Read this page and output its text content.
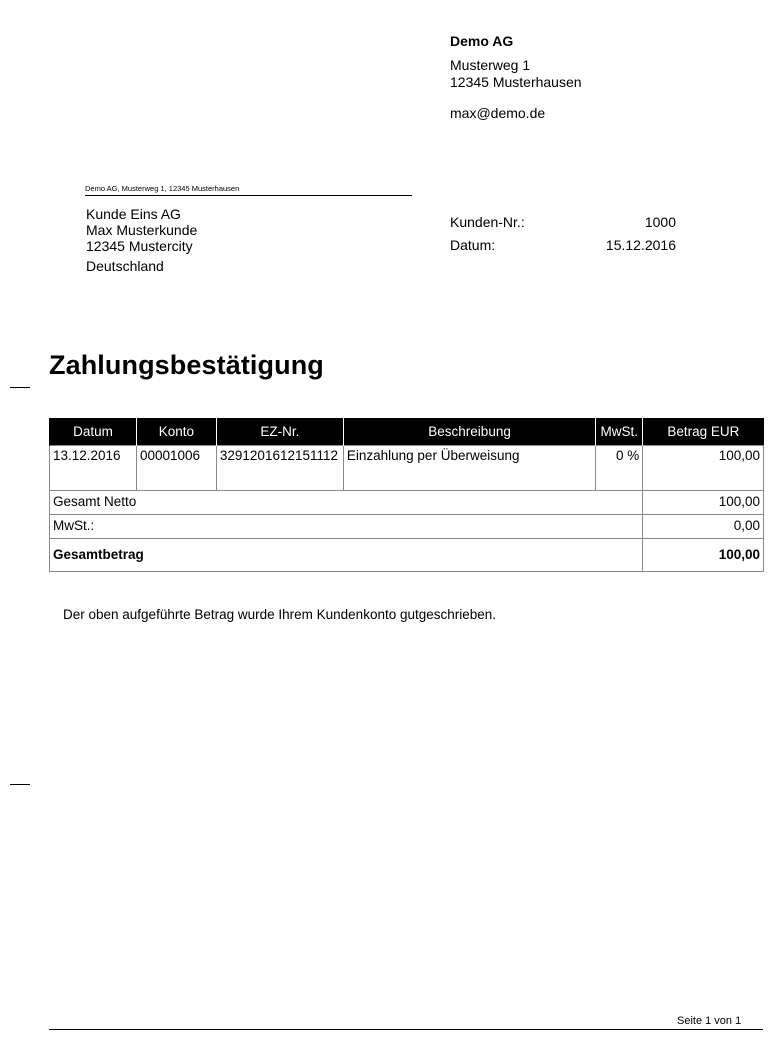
Demo AG
Musterweg 1
12345 Musterhausen
max@demo.de
Demo AG, Musterweg 1, 12345 Musterhausen
Kunde Eins AG
Max Musterkunde
12345 Mustercity
Deutschland
Kunden-Nr.:	1000
Datum:	15.12.2016
Zahlungsbestätigung
Datum	Konto	EZ-Nr.	Beschreibung	MwSt.	Betrag EUR
13.12.2016	00001006	3291201612151112	Einzahlung per Überweisung	0 %	100,00
Gesamt Netto					100,00
MwSt.:					0,00
Gesamtbetrag					100,00
Der oben aufgeführte Betrag wurde Ihrem Kundenkonto gutgeschrieben.
Seite 1 von 1
